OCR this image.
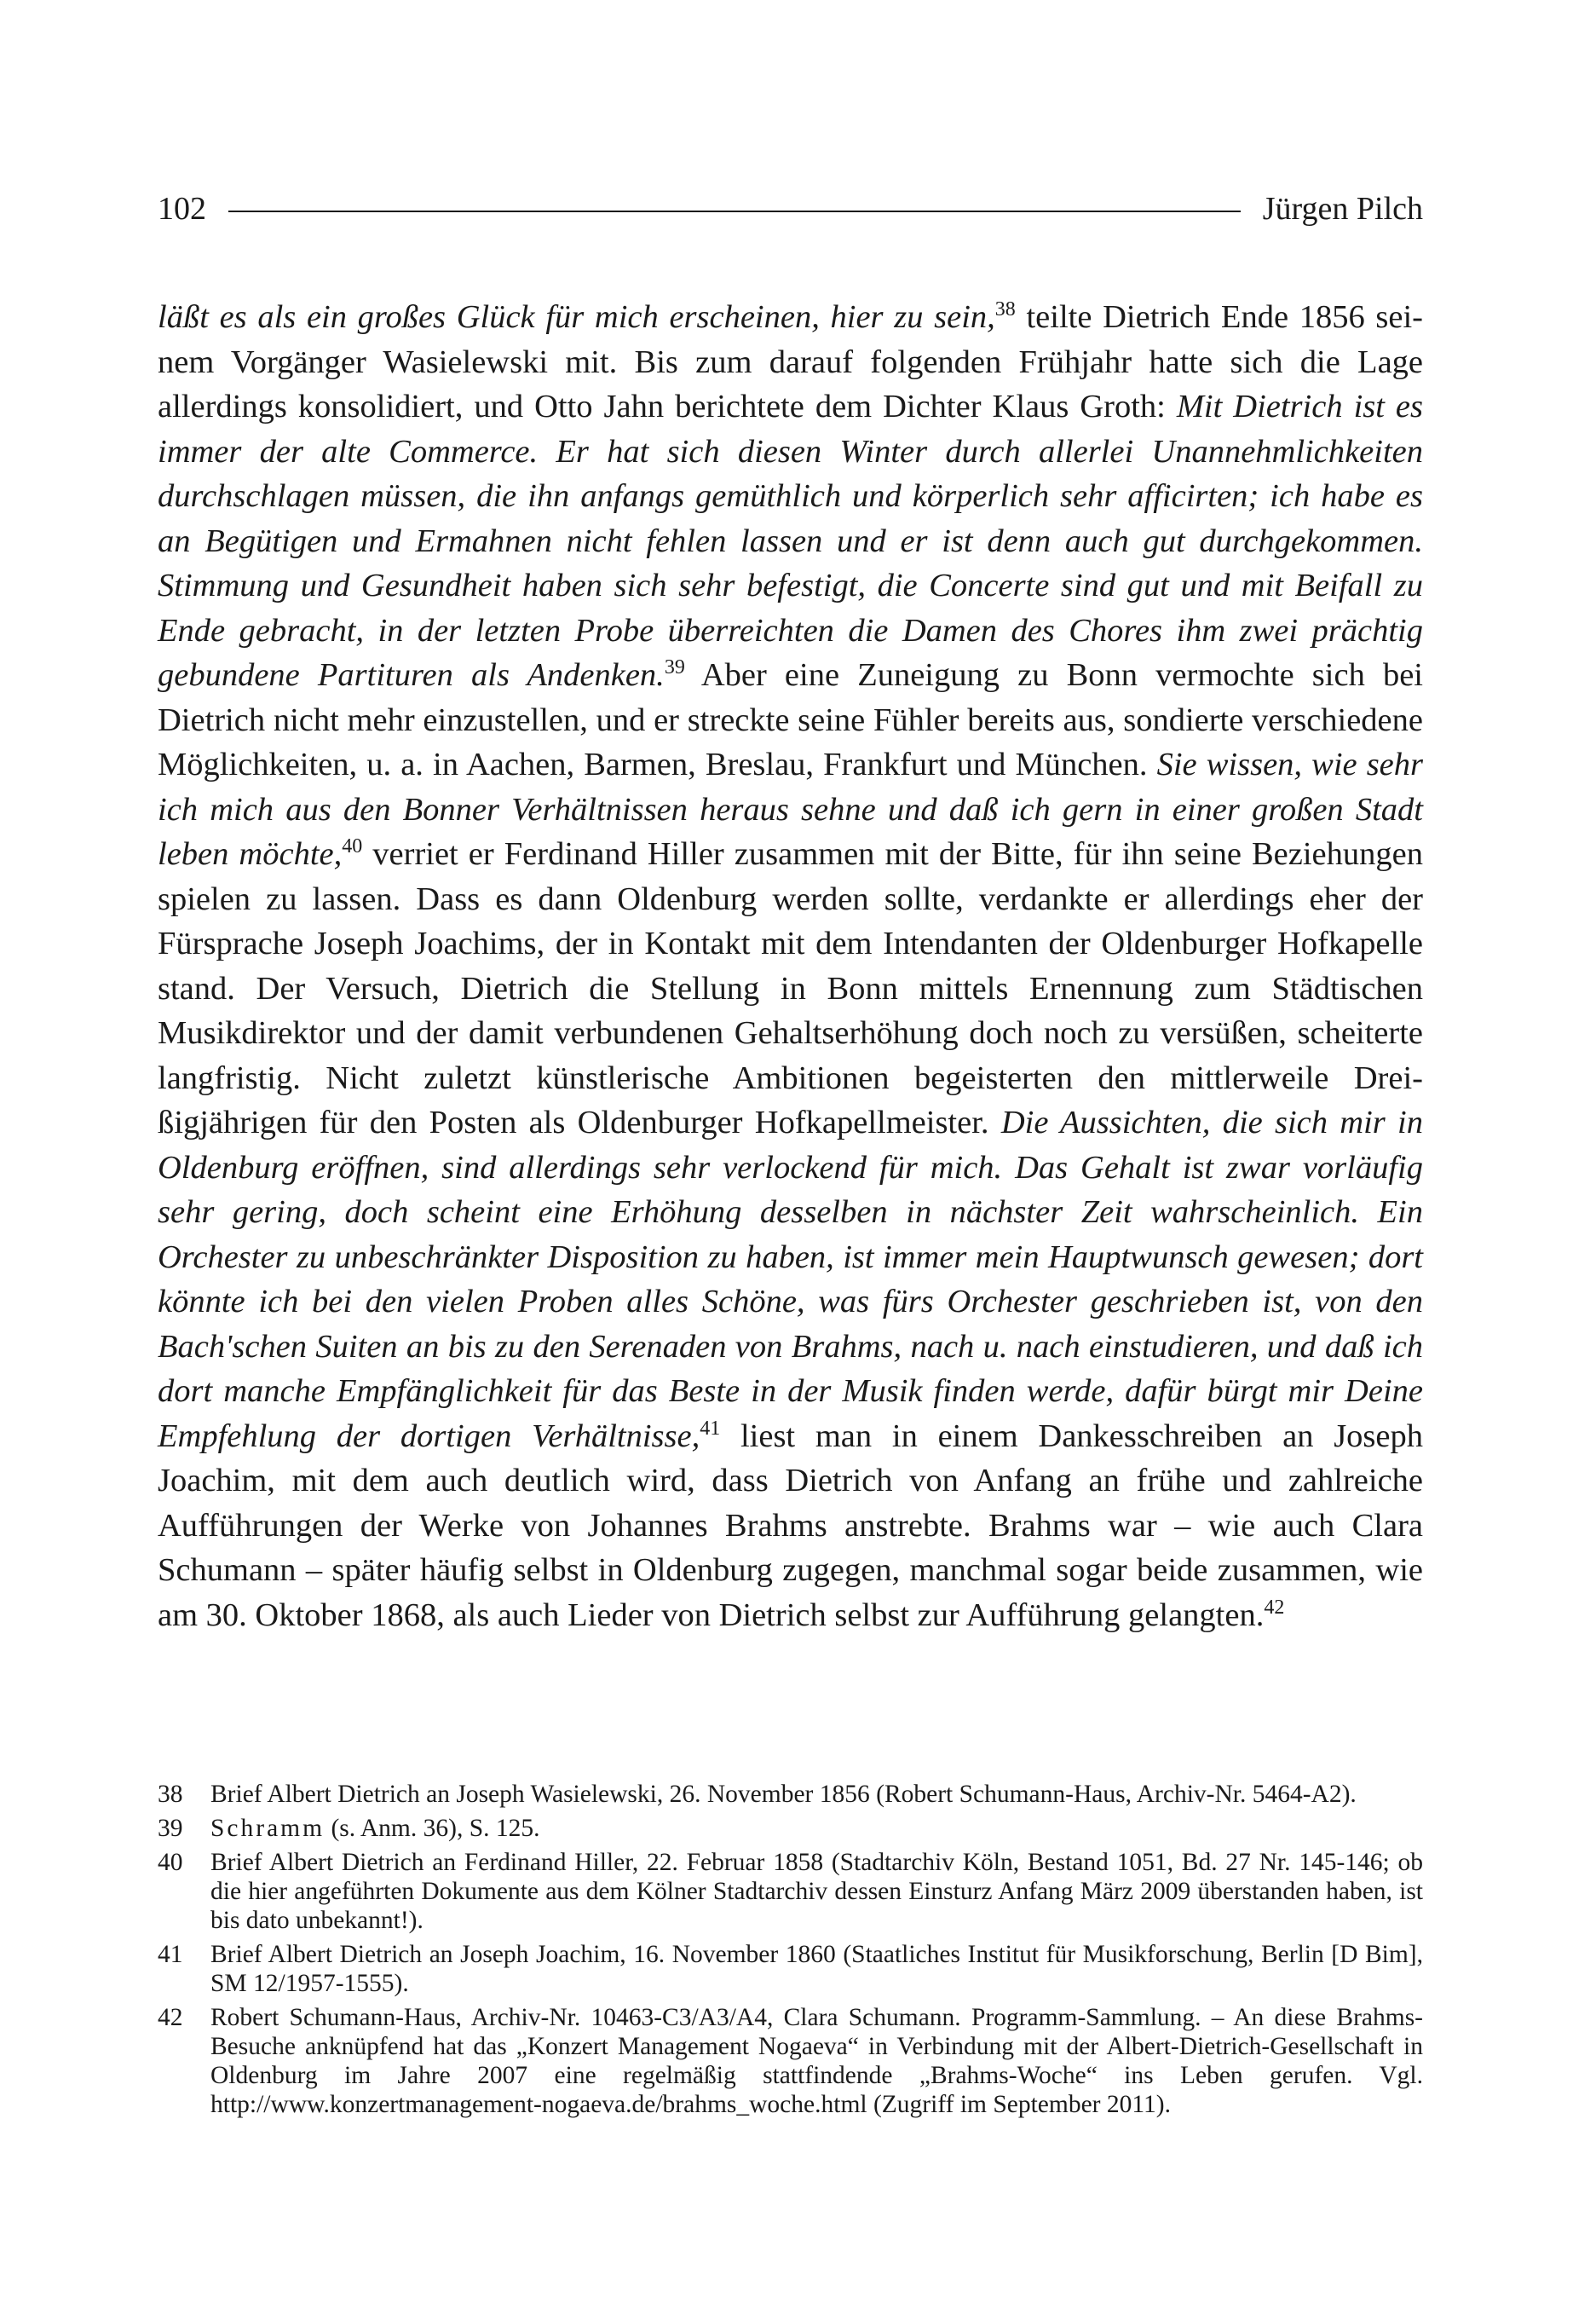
102	Jürgen Pilch
läßt es als ein großes Glück für mich erscheinen, hier zu sein,$^{38}$ teilte Dietrich Ende 1856 seinem Vorgänger Wasielewski mit. Bis zum darauf folgenden Frühjahr hatte sich die Lage allerdings konsolidiert, und Otto Jahn berichtete dem Dichter Klaus Groth: Mit Dietrich ist es immer der alte Commerce. Er hat sich diesen Winter durch allerlei Unannehmlichkeiten durchschlagen müssen, die ihn anfangs gemüthlich und körperlich sehr afficirten; ich habe es an Begütigen und Ermahnen nicht fehlen lassen und er ist denn auch gut durchgekommen. Stimmung und Gesundheit haben sich sehr befestigt, die Concerte sind gut und mit Beifall zu Ende gebracht, in der letzten Probe überreichten die Damen des Chores ihm zwei prächtig gebundene Partituren als Andenken.$^{39}$ Aber eine Zuneigung zu Bonn vermochte sich bei Dietrich nicht mehr einzustellen, und er streckte seine Fühler bereits aus, sondierte verschiedene Möglichkeiten, u. a. in Aachen, Barmen, Breslau, Frankfurt und München. Sie wissen, wie sehr ich mich aus den Bonner Verhältnissen heraus sehne und daß ich gern in einer großen Stadt leben möchte,$^{40}$ verriet er Ferdinand Hiller zusammen mit der Bitte, für ihn seine Beziehungen spielen zu lassen. Dass es dann Oldenburg werden sollte, verdankte er allerdings eher der Fürsprache Joseph Joachims, der in Kontakt mit dem Intendanten der Oldenburger Hofkapelle stand. Der Versuch, Dietrich die Stellung in Bonn mittels Ernennung zum Städtischen Musikdirektor und der damit verbundenen Gehaltserhöhung doch noch zu versüßen, scheiterte langfristig. Nicht zuletzt künstlerische Ambitionen begeisterten den mittlerweile Dreißigjährigen für den Posten als Oldenburger Hofkapellmeister. Die Aussichten, die sich mir in Oldenburg eröffnen, sind allerdings sehr verlockend für mich. Das Gehalt ist zwar vorläufig sehr gering, doch scheint eine Erhöhung desselben in nächster Zeit wahrscheinlich. Ein Orchester zu unbeschränkter Disposition zu haben, ist immer mein Hauptwunsch gewesen; dort könnte ich bei den vielen Proben alles Schöne, was fürs Orchester geschrieben ist, von den Bach'schen Suiten an bis zu den Serenaden von Brahms, nach u. nach einstudieren, und daß ich dort manche Empfänglichkeit für das Beste in der Musik finden werde, dafür bürgt mir Deine Empfehlung der dortigen Verhältnisse,$^{41}$ liest man in einem Dankesschreiben an Joseph Joachim, mit dem auch deutlich wird, dass Dietrich von Anfang an frühe und zahlreiche Aufführungen der Werke von Johannes Brahms anstrebte. Brahms war – wie auch Clara Schumann – später häufig selbst in Oldenburg zugegen, manchmal sogar beide zusammen, wie am 30. Oktober 1868, als auch Lieder von Dietrich selbst zur Aufführung gelangten.$^{42}$
38 Brief Albert Dietrich an Joseph Wasielewski, 26. November 1856 (Robert Schumann-Haus, Archiv-Nr. 5464-A2).
39 Schramm (s. Anm. 36), S. 125.
40 Brief Albert Dietrich an Ferdinand Hiller, 22. Februar 1858 (Stadtarchiv Köln, Bestand 1051, Bd. 27 Nr. 145-146; ob die hier angeführten Dokumente aus dem Kölner Stadtarchiv dessen Einsturz Anfang März 2009 überstanden haben, ist bis dato unbekannt!).
41 Brief Albert Dietrich an Joseph Joachim, 16. November 1860 (Staatliches Institut für Musikforschung, Berlin [D Bim], SM 12/1957-1555).
42 Robert Schumann-Haus, Archiv-Nr. 10463-C3/A3/A4, Clara Schumann. Programm-Sammlung. – An diese Brahms-Besuche anknüpfend hat das „Konzert Management Nogaeva“ in Verbindung mit der Albert-Dietrich-Gesellschaft in Oldenburg im Jahre 2007 eine regelmäßig stattfindende „Brahms-Woche“ ins Leben gerufen. Vgl. http://www.konzertmanagement-nogaeva.de/brahms_woche.html (Zugriff im September 2011).
